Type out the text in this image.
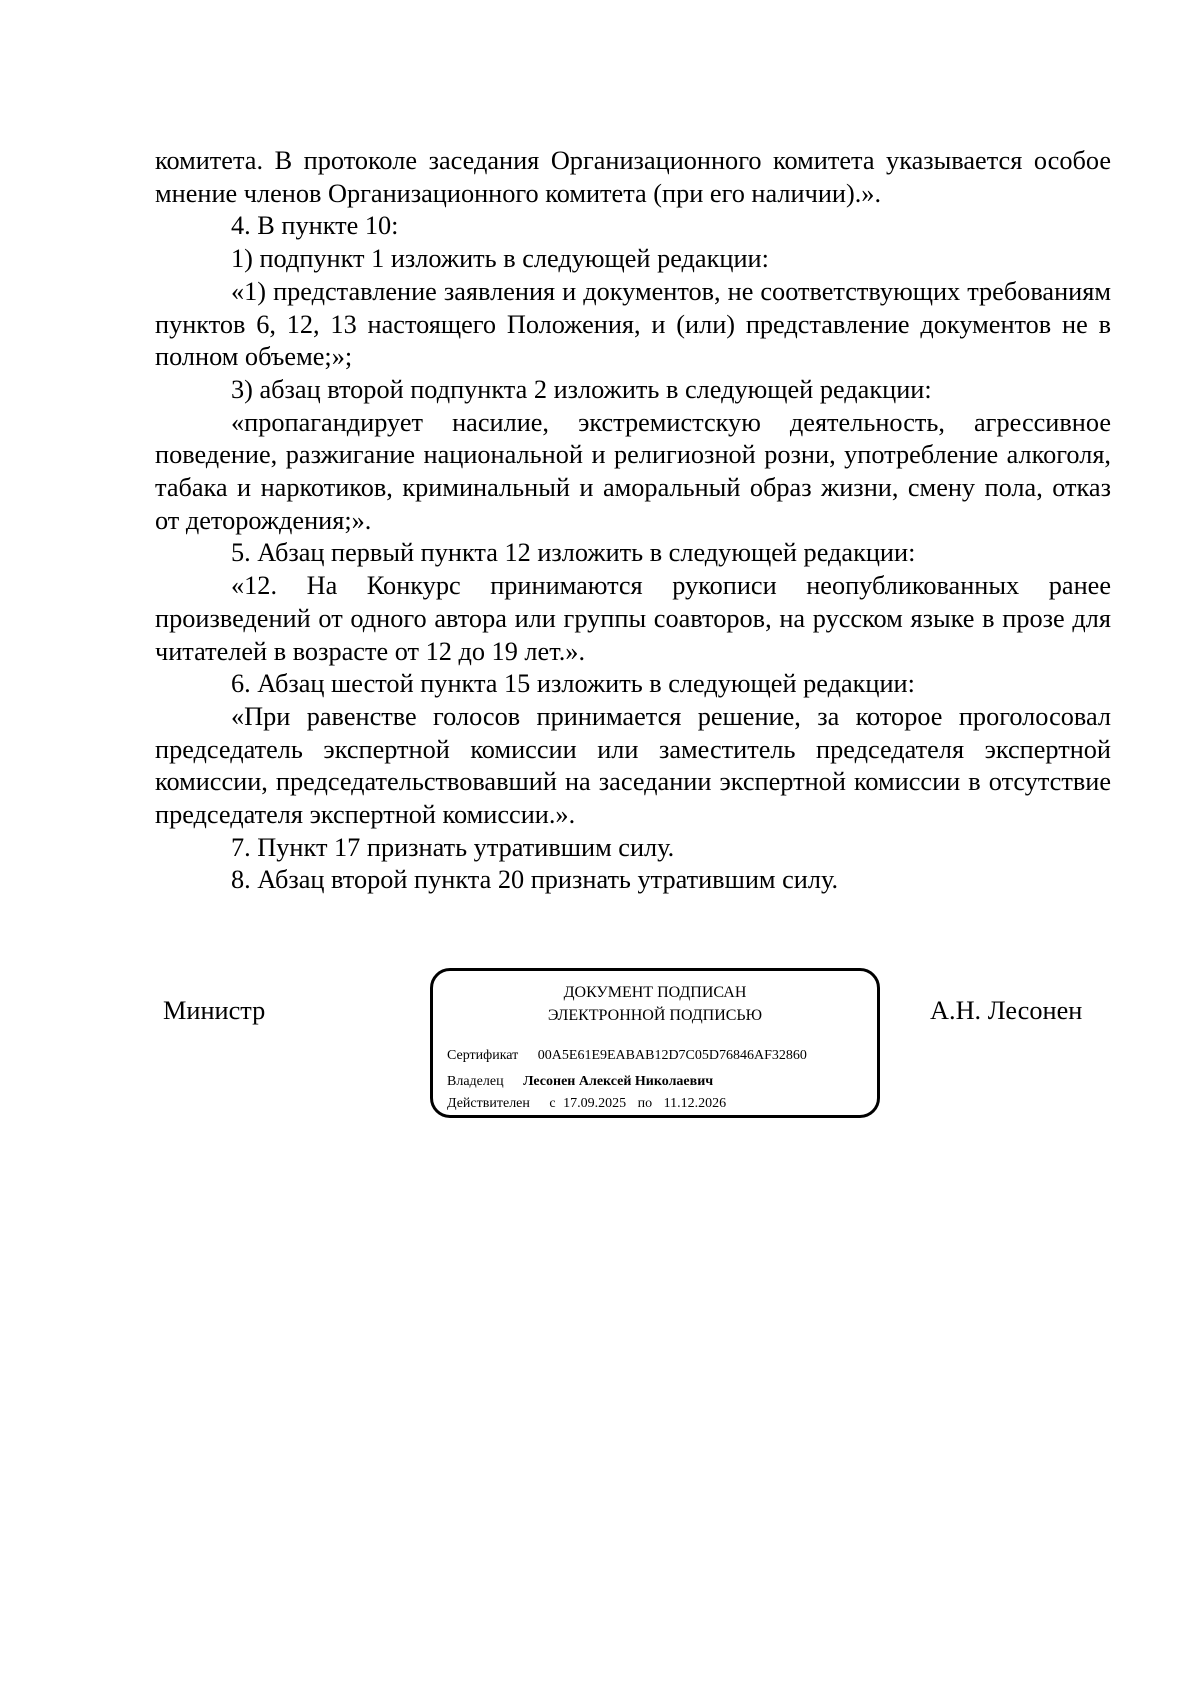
комитета. В протоколе заседания Организационного комитета указывается особое мнение членов Организационного комитета (при его наличии).».

4. В пункте 10:

1) подпункт 1 изложить в следующей редакции:

«1) представление заявления и документов, не соответствующих требованиям пунктов 6, 12, 13 настоящего Положения, и (или) представление документов не в полном объеме;»;

3) абзац второй подпункта 2 изложить в следующей редакции:

«пропагандирует насилие, экстремистскую деятельность, агрессивное поведение, разжигание национальной и религиозной розни, употребление алкоголя, табака и наркотиков, криминальный и аморальный образ жизни, смену пола, отказ от деторождения;».

5. Абзац первый пункта 12 изложить в следующей редакции:

«12. На Конкурс принимаются рукописи неопубликованных ранее произведений от одного автора или группы соавторов, на русском языке в прозе для читателей в возрасте от 12 до 19 лет.».

6. Абзац шестой пункта 15 изложить в следующей редакции:

«При равенстве голосов принимается решение, за которое проголосовал председатель экспертной комиссии или заместитель председателя экспертной комиссии, председательствовавший на заседании экспертной комиссии в отсутствие председателя экспертной комиссии.».

7. Пункт 17 признать утратившим силу.

8. Абзац второй пункта 20 признать утратившим силу.

Министр
ДОКУМЕНТ ПОДПИСАН
ЭЛЕКТРОННОЙ ПОДПИСЬЮ
Сертификат 00A5E61E9EABAB12D7C05D76846AF32860
Владелец Лесонен Алексей Николаевич
Действителен с 17.09.2025 по 11.12.2026
А.Н. Лесонен
